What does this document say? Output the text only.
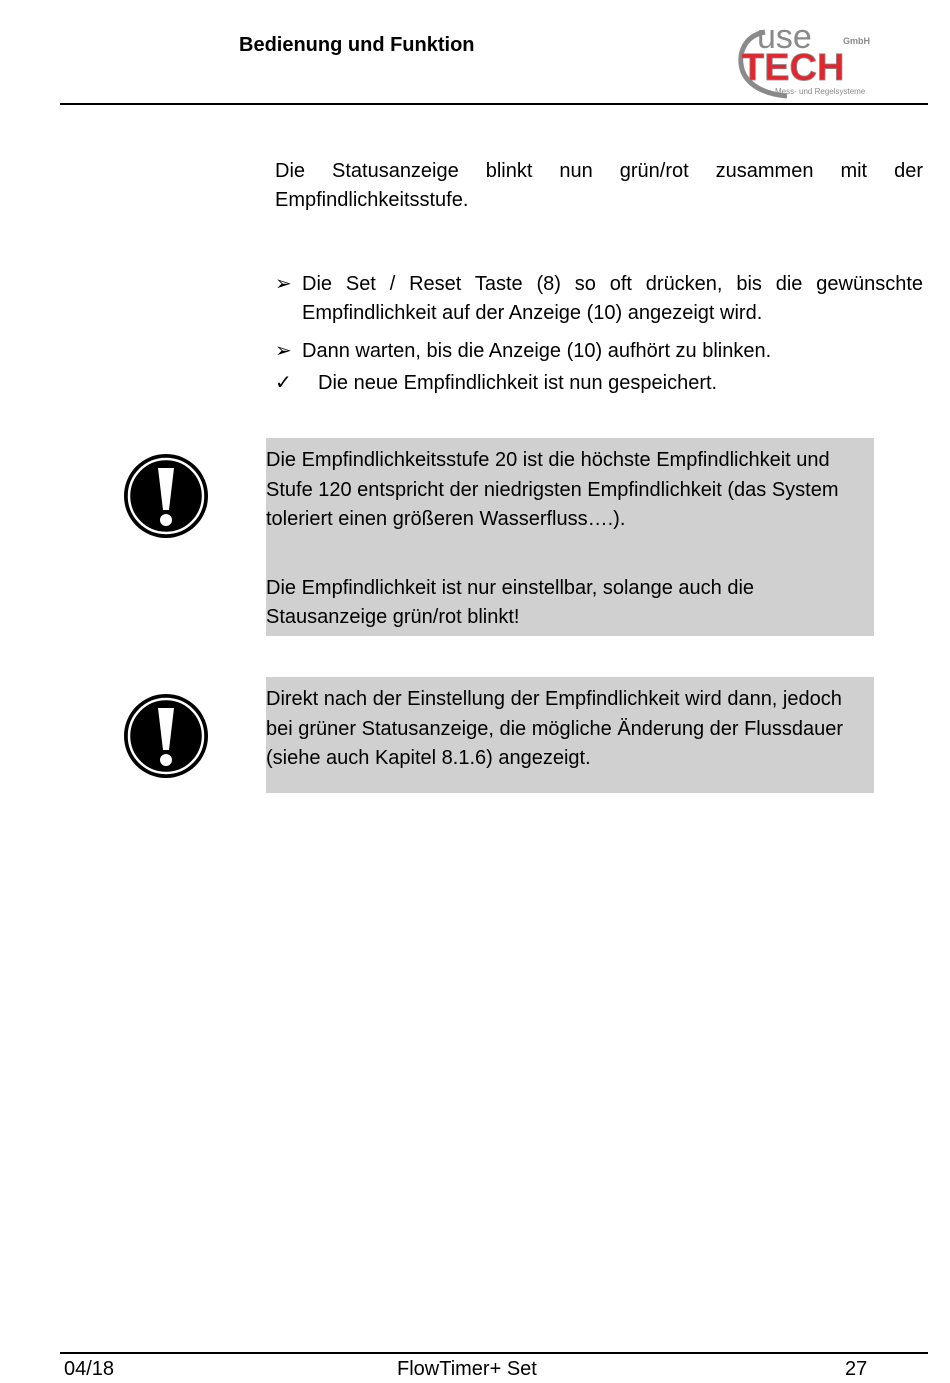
Bedienung und Funktion	use	GmbH
TECH
Mess- und Regelsysteme
Die Statusanzeige blinkt nun grün/rot zusammen mit der Empfindlichkeitsstufe.
➢ Die Set / Reset Taste (8) so oft drücken, bis die gewünschte Empfindlichkeit auf der Anzeige (10) angezeigt wird.
➢ Dann warten, bis die Anzeige (10) aufhört zu blinken.
✓	Die neue Empfindlichkeit ist nun gespeichert.

Die Empfindlichkeitsstufe 20 ist die höchste Empfindlichkeit und Stufe 120 entspricht der niedrigsten Empfindlichkeit (das System toleriert einen größeren Wasserfluss….).

Die Empfindlichkeit ist nur einstellbar, solange auch die Stausanzeige grün/rot blinkt!

Direkt nach der Einstellung der Empfindlichkeit wird dann, jedoch bei grüner Statusanzeige, die mögliche Änderung der Flussdauer (siehe auch Kapitel 8.1.6) angezeigt.

04/18	FlowTimer+ Set	27
